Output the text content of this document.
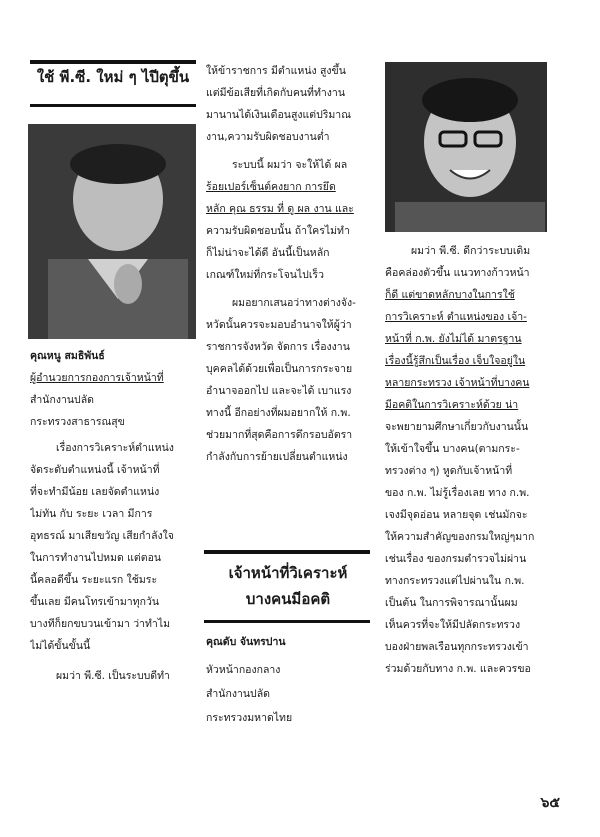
ใช้ พี.ซี. ใหม่ ๆ ไปีตุขึ้น
คุณหนู สมธิพันธ์
ผู้อำนวยการกองการเจ้าหน้าที่
สำนักงานปลัด
กระทรวงสาธารณสุข
เรื่องการวิเคราะห์ตำแหน่ง
จัดระดับตำแหน่งนี้ เจ้าหน้าที่
ที่จะทำมีน้อย เลยจัดตำแหน่ง
ไม่ทัน กับ ระยะ เวลา มีการ
อุทธรณ์ มาเสียขวัญ เสียกำลังใจ
ในการทำงานไปหมด แต่ตอน
นี้คลอดีขึ้น ระยะแรก ใช้มระ
ขึ้นเลย มีคนโทรเข้ามาทุกวัน
บางทีก็ยกขบวนเข้ามา ว่าทำไม
ไม่ได้ขั้นขั้นนี้
ผมว่า พี.ซี. เป็นระบบดีทำ
ให้ข้าราชการ มีตำแหน่ง สูงขึ้น
แต่มีข้อเสียที่เกิดกับคนที่ทำงาน
มานานได้เงินเดือนสูงแต่ปริมาณ
งาน,ความรับผิดชอบงานต่ำ
ระบบนี้ ผมว่า จะให้ได้ ผล
ร้อยเปอร์เซ็นต์คงยาก การยึด
หลัก คุณ ธรรม ที่ ดู ผล งาน และ
ความรับผิดชอบนั้น ถ้าใครไม่ทำ
ก็ไม่น่าจะได้ดี อันนี้เป็นหลัก
เกณฑ์ใหม่ที่กระโจนไปเร็ว
ผมอยากเสนอว่าทางต่างจัง-
หวัดนั้นควรจะมอบอำนาจให้ผู้ว่า
ราชการจังหวัด จัดการ เรื่องงาน
บุคคลได้ด้วยเพื่อเป็นการกระจาย
อำนาจออกไป และจะได้ เบาแรง
ทางนี้ อีกอย่างที่ผมอยากให้ ก.พ.
ช่วยมากที่สุดคือการดึกรอบอัตรา
กำลังกับการย้ายเปลี่ยนตำแหน่ง
เจ้าหน้าที่วิเคราะห์
บางคนมีอคติ
คุณดับ จันทรปาน
หัวหน้ากองกลาง
สำนักงานปลัด
กระทรวงมหาดไทย
ผมว่า พี.ซี. ดีกว่าระบบเดิม
คือคล่องตัวขึ้น แนวทางก้าวหน้า
ก็ดี แต่ขาดหลักบางในการใช้
การวิเคราะห์ ตำแหน่งของ เจ้า-
หน้าที่ ก.พ. ยังไม่ได้ มาตรฐาน
เรื่องนี้รู้สึกเป็นเรื่อง เจ็บใจอยู่ใน
หลายกระทรวง เจ้าหน้าที่บางคน
มีอคติในการวิเคราะห์ด้วย น่า
จะพยายามศึกษาเกี่ยวกับงานนั้น
ให้เข้าใจขึ้น บางคน(ตามกระ-
ทรวงต่าง ๆ) หูดกับเจ้าหน้าที่
ของ ก.พ. ไม่รู้เรื่องเลย ทาง ก.พ.
เจงมีจุดอ่อน หลายจุด เช่นมักจะ
ให้ความสำคัญของกรมใหญ่ๆมาก
เช่นเรื่อง ของกรมตำรวจไม่ผ่าน
ทางกระทรวงแต่ไปผ่านใน ก.พ.
เป็นต้น ในการพิจารณานั้นผม
เห็นควรที่จะให้มีปลัดกระทรวง
บองฝ่ายพลเรือนทุกกระทรวงเข้า
ร่วมด้วยกับทาง ก.พ. และควรขอ
๖๕
